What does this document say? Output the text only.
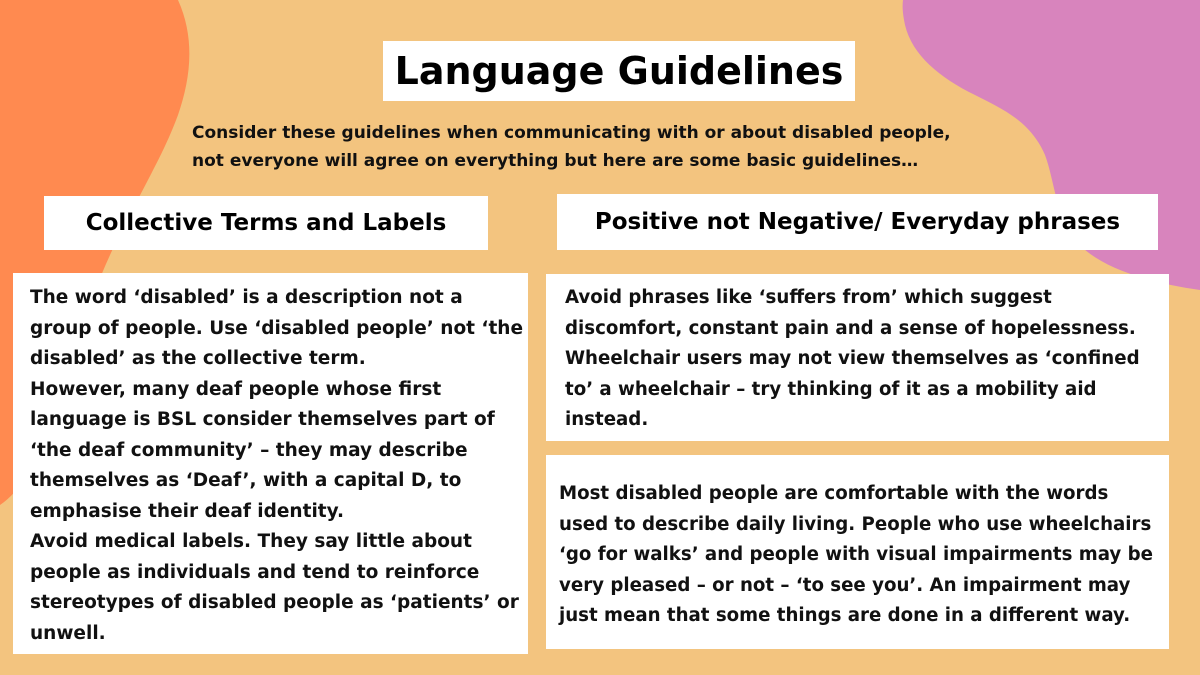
Language Guidelines
Consider these guidelines when communicating with or about disabled people,
not everyone will agree on everything but here are some basic guidelines…
Collective Terms and Labels	Positive not Negative/ Everyday phrases
The word ‘disabled’ is a description not a
group of people. Use ‘disabled people’ not ‘the
disabled’ as the collective term.
However, many deaf people whose first
language is BSL consider themselves part of
‘the deaf community’ – they may describe
themselves as ‘Deaf’, with a capital D, to
emphasise their deaf identity.
Avoid medical labels. They say little about
people as individuals and tend to reinforce
stereotypes of disabled people as ‘patients’ or
unwell.
Avoid phrases like ‘suffers from’ which suggest
discomfort, constant pain and a sense of hopelessness.
Wheelchair users may not view themselves as ‘confined
to’ a wheelchair – try thinking of it as a mobility aid
instead.
Most disabled people are comfortable with the words
used to describe daily living. People who use wheelchairs
‘go for walks’ and people with visual impairments may be
very pleased – or not – ‘to see you’. An impairment may
just mean that some things are done in a different way.
